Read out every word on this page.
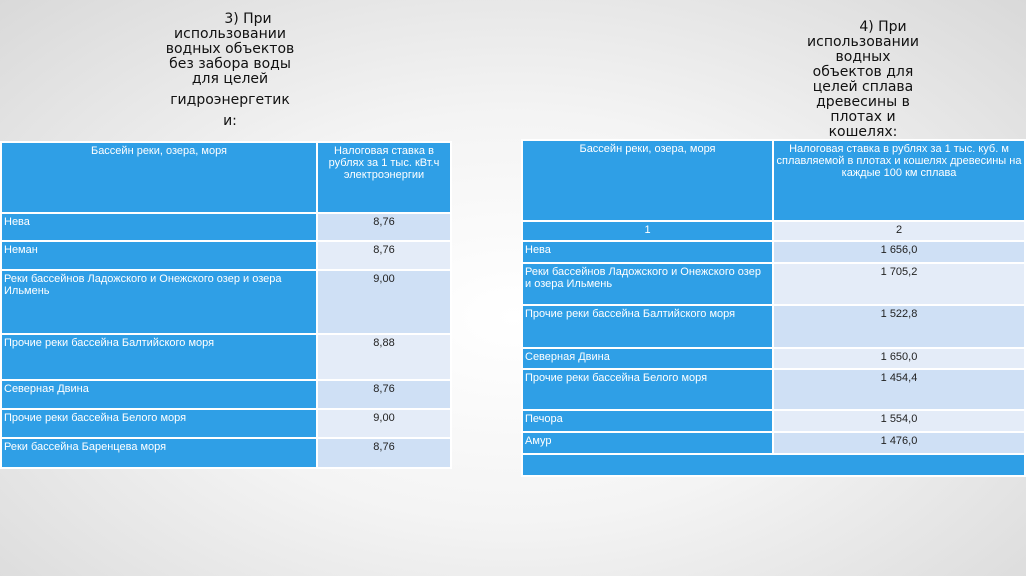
3) При
использовании
водных объектов
без забора воды
для целей
гидроэнергетик
и:
4) При
использовании
водных
объектов для
целей сплава
древесины в
плотах и
кошелях:
Бассейн реки, озера, моря	Налоговая ставка в рублях за 1 тыс. кВт.ч электроэнергии
Нева	8,76
Неман	8,76
Реки бассейнов Ладожского и Онежского озер и озера Ильмень	9,00
Прочие реки бассейна Балтийского моря	8,88
Северная Двина	8,76
Прочие реки бассейна Белого моря	9,00
Реки бассейна Баренцева моря	8,76
Бассейн реки, озера, моря	Налоговая ставка в рублях за 1 тыс. куб. м сплавляемой в плотах и кошелях древесины на каждые 100 км сплава
1	2
Нева	1 656,0
Реки бассейнов Ладожского и Онежского озер и озера Ильмень	1 705,2
Прочие реки бассейна Балтийского моря	1 522,8
Северная Двина	1 650,0
Прочие реки бассейна Белого моря	1 454,4
Печора	1 554,0
Амур	1 476,0
